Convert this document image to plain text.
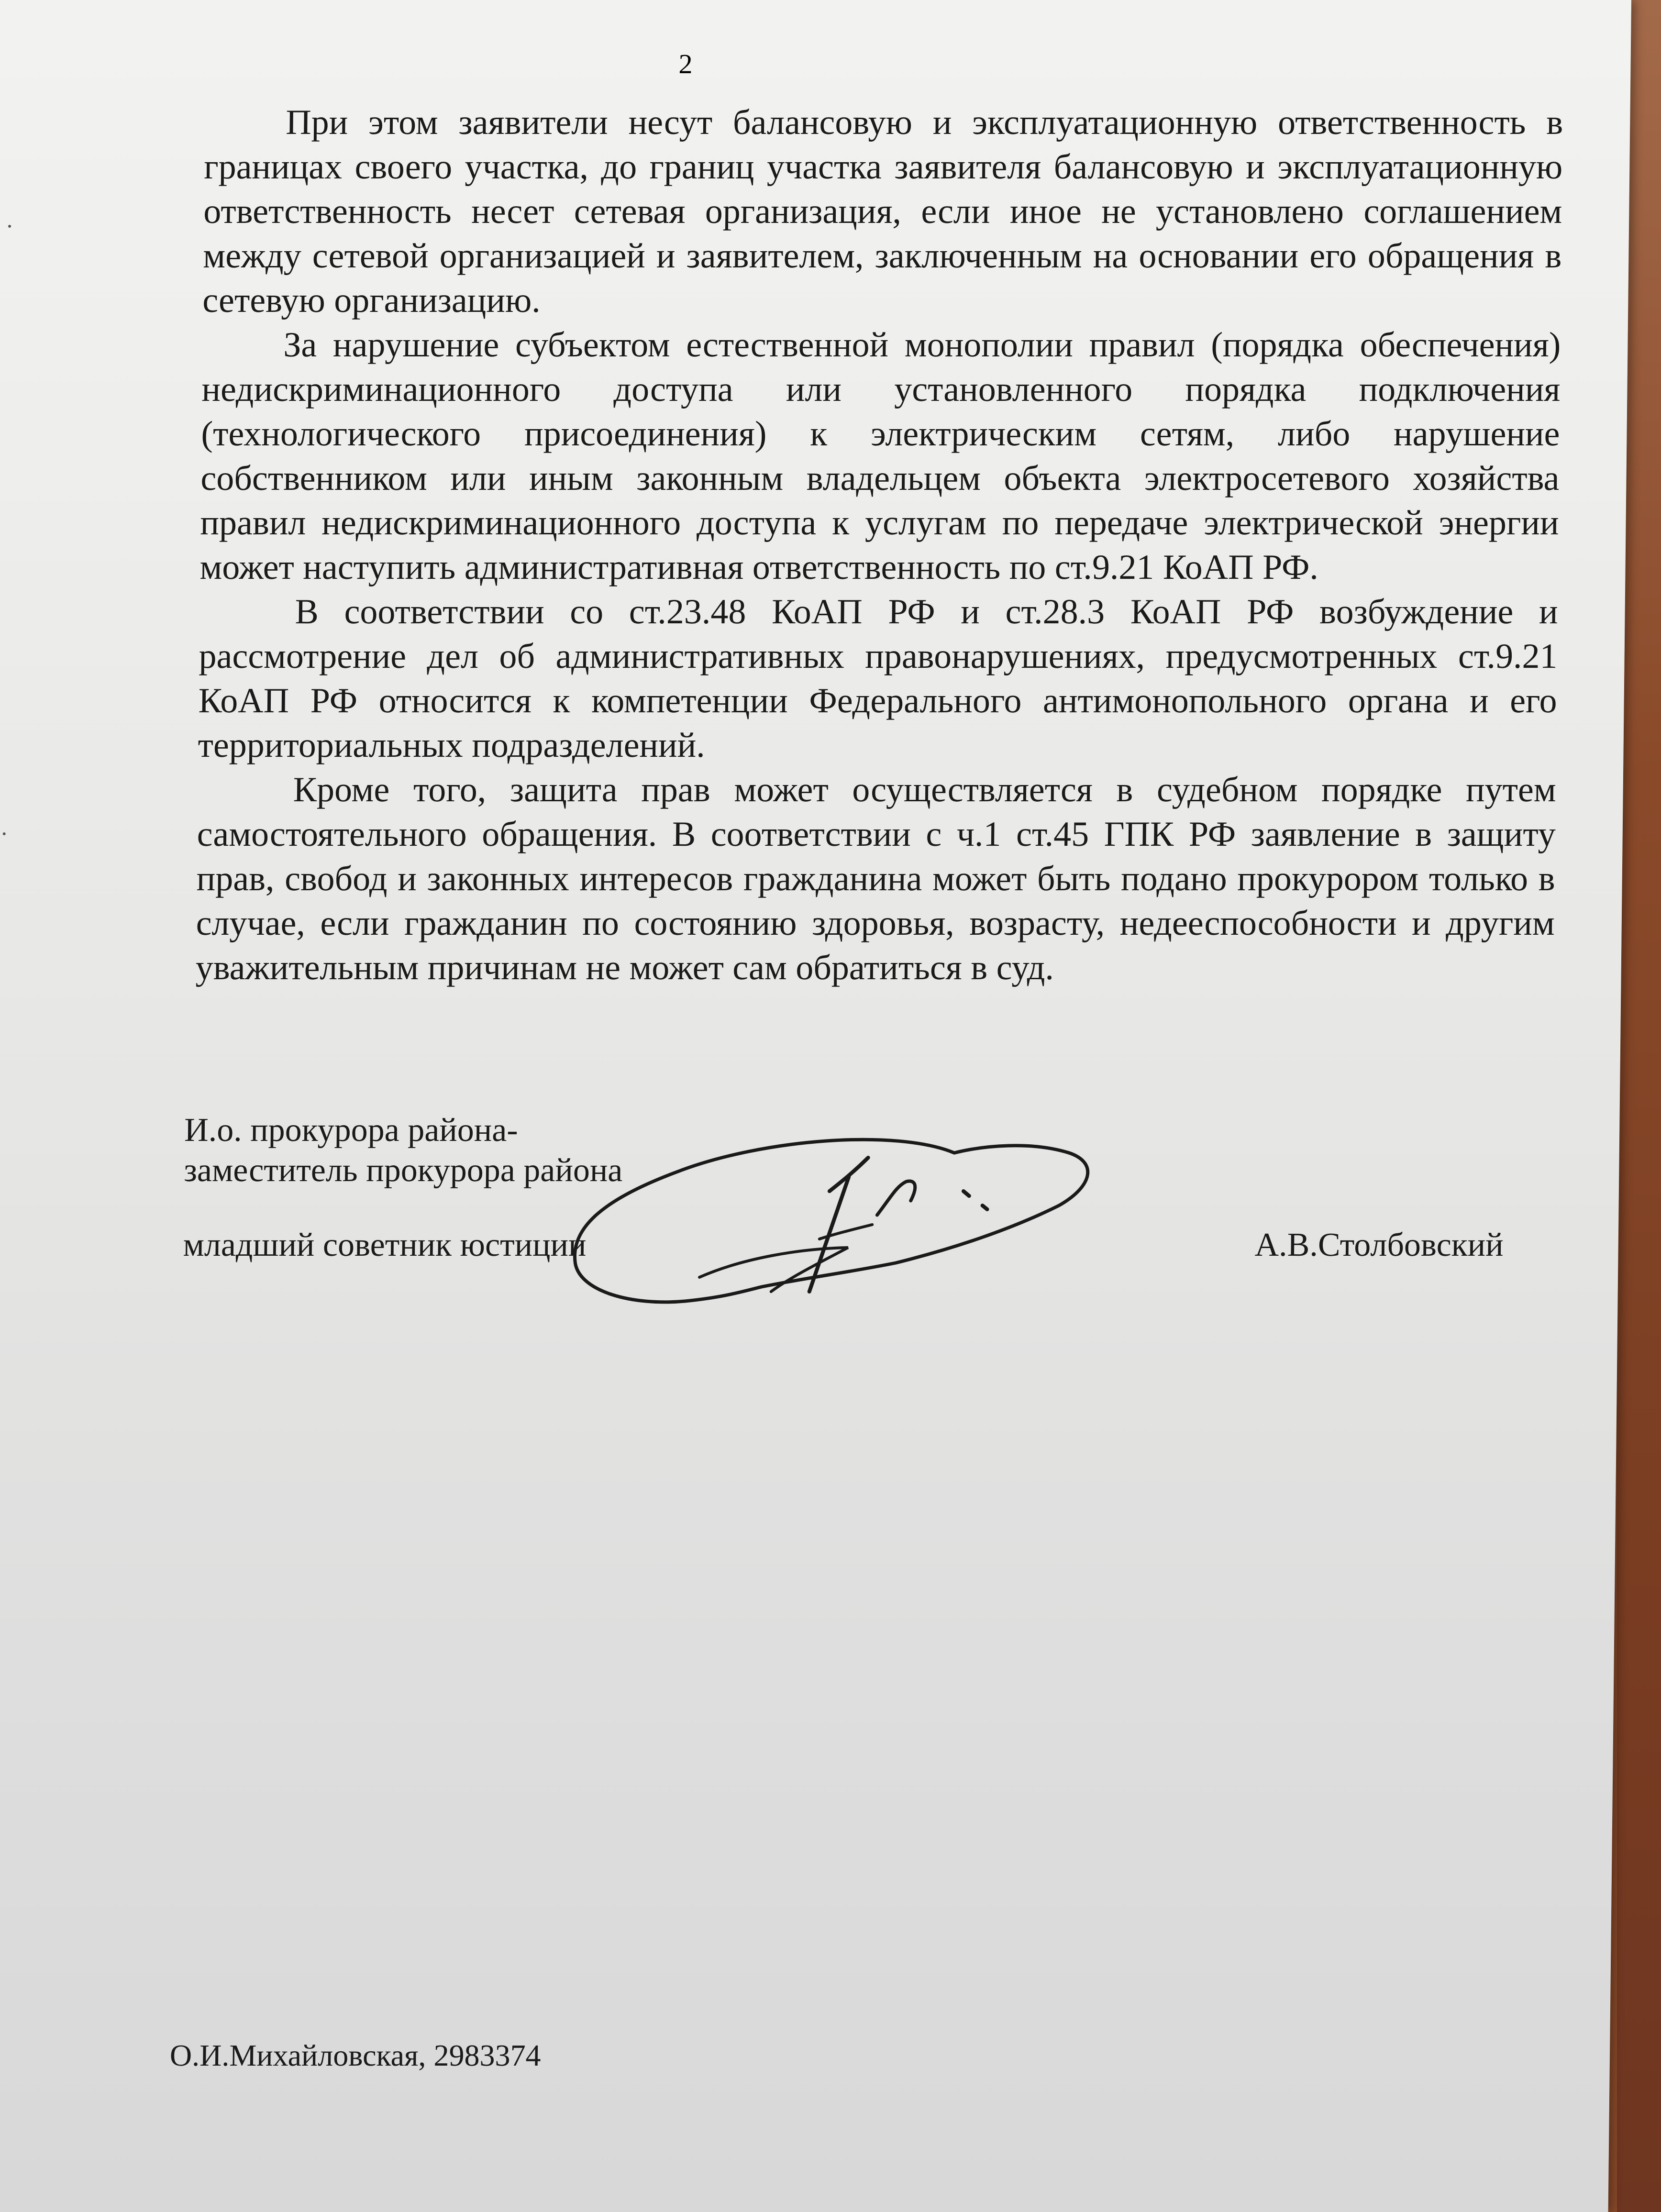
2

При этом заявители несут балансовую и эксплуатационную ответственность в границах своего участка, до границ участка заявителя балансовую и эксплуатационную ответственность несет сетевая организация, если иное не установлено соглашением между сетевой организацией и заявителем, заключенным на основании его обращения в сетевую организацию.

За нарушение субъектом естественной монополии правил (порядка обеспечения) недискриминационного доступа или установленного порядка подключения (технологического присоединения) к электрическим сетям, либо нарушение собственником или иным законным владельцем объекта электросетевого хозяйства правил недискриминационного доступа к услугам по передаче электрической энергии может наступить административная ответственность по ст.9.21 КоАП РФ.

В соответствии со ст.23.48 КоАП РФ и ст.28.3 КоАП РФ возбуждение и рассмотрение дел об административных правонарушениях, предусмотренных ст.9.21 КоАП РФ относится к компетенции Федерального антимонопольного органа и его территориальных подразделений.

Кроме того, защита прав может осуществляется в судебном порядке путем самостоятельного обращения. В соответствии с ч.1 ст.45 ГПК РФ заявление в защиту прав, свобод и законных интересов гражданина может быть подано прокурором только в случае, если гражданин по состоянию здоровья, возрасту, недееспособности и другим уважительным причинам не может сам обратиться в суд.

И.о. прокурора района-
заместитель прокурора района
младший советник юстиции	А.В.Столбовский
О.И.Михайловская, 2983374
